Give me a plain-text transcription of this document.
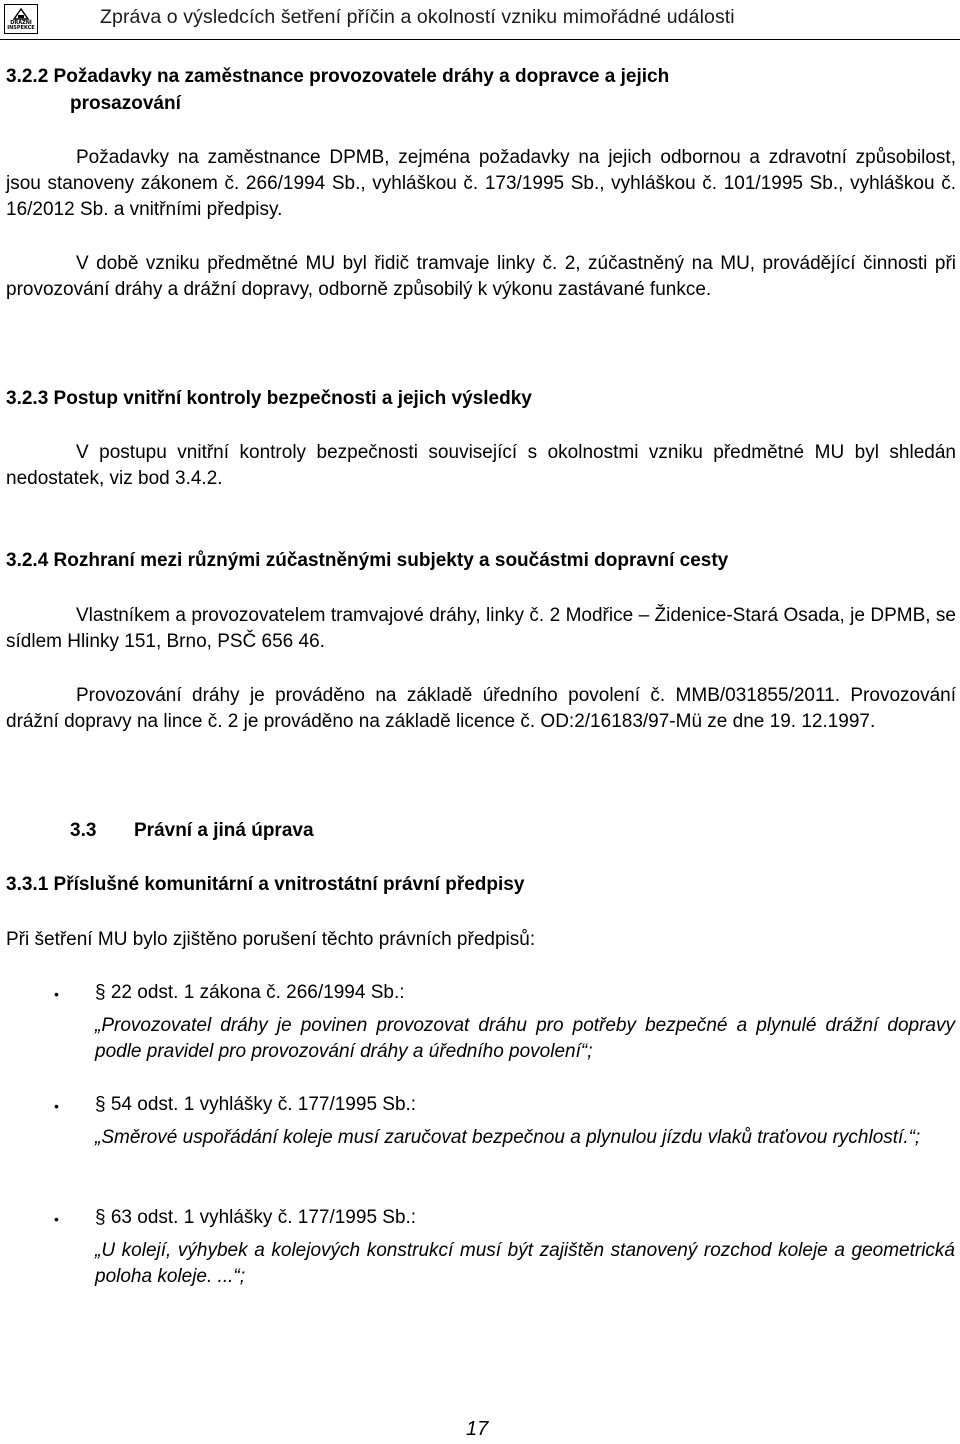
DRÁŽNÍ
INSPEKCE	Zpráva o výsledcích šetření příčin a okolností vzniku mimořádné události

3.2.2 Požadavky na zaměstnance provozovatele dráhy a dopravce a jejich

prosazování

Požadavky na zaměstnance DPMB, zejména požadavky na jejich odbornou a zdravotní způsobilost, jsou stanoveny zákonem č. 266/1994 Sb., vyhláškou č. 173/1995 Sb., vyhláškou č. 101/1995 Sb., vyhláškou č. 16/2012 Sb. a vnitřními předpisy.

V době vzniku předmětné MU byl řidič tramvaje linky č. 2, zúčastněný na MU, provádějící činnosti při provozování dráhy a drážní dopravy, odborně způsobilý k výkonu zastávané funkce.

3.2.3 Postup vnitřní kontroly bezpečnosti a jejich výsledky

V postupu vnitřní kontroly bezpečnosti související s okolnostmi vzniku předmětné MU byl shledán nedostatek, viz bod 3.4.2.

3.2.4 Rozhraní mezi různými zúčastněnými subjekty a součástmi dopravní cesty

Vlastníkem a provozovatelem tramvajové dráhy, linky č. 2 Modřice – Židenice-Stará Osada, je DPMB, se sídlem Hlinky 151, Brno, PSČ 656 46.

Provozování dráhy je prováděno na základě úředního povolení č. MMB/031855/2011. Provozování drážní dopravy na lince č. 2 je prováděno na základě licence č. OD:2/16183/97-Mü ze dne 19. 12.1997.

3.3 Právní a jiná úprava

3.3.1 Příslušné komunitární a vnitrostátní právní předpisy

Při šetření MU bylo zjištěno porušení těchto právních předpisů:

• § 22 odst. 1 zákona č. 266/1994 Sb.:

„Provozovatel dráhy je povinen provozovat dráhu pro potřeby bezpečné a plynulé drážní dopravy podle pravidel pro provozování dráhy a úředního povolení“;

• § 54 odst. 1 vyhlášky č. 177/1995 Sb.:

„Směrové uspořádání koleje musí zaručovat bezpečnou a plynulou jízdu vlaků traťovou rychlostí.“;

• § 63 odst. 1 vyhlášky č. 177/1995 Sb.:

„U kolejí, výhybek a kolejových konstrukcí musí být zajištěn stanovený rozchod koleje a geometrická poloha koleje. ...“;

17
